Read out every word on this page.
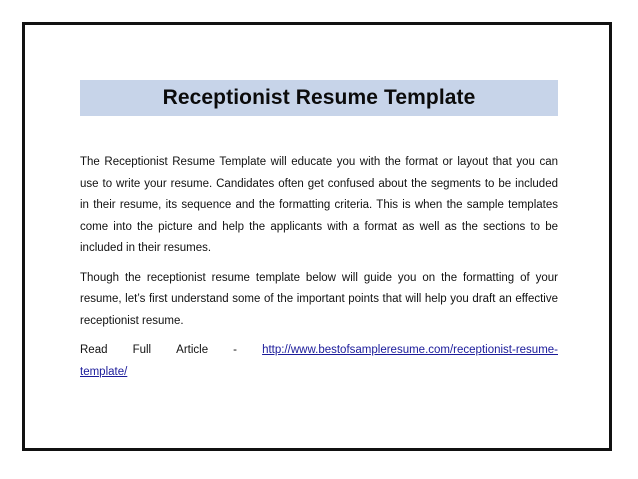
Receptionist Resume Template

The Receptionist Resume Template will educate you with the format or layout that you can use to write your resume. Candidates often get confused about the segments to be included in their resume, its sequence and the formatting criteria. This is when the sample templates come into the picture and help the applicants with a format as well as the sections to be included in their resumes.

Though the receptionist resume template below will guide you on the formatting of your resume, let’s first understand some of the important points that will help you draft an effective receptionist resume.

Read Full Article - http://www.bestofsampleresume.com/receptionist-resume-
template/
